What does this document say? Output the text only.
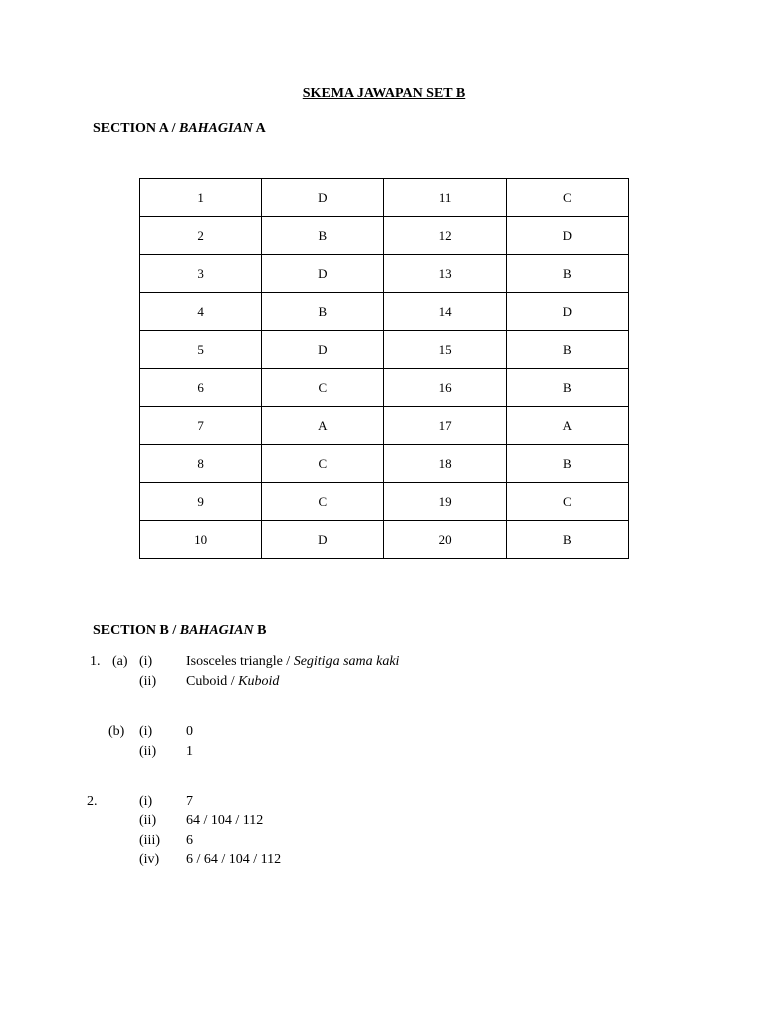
SKEMA JAWAPAN SET B
SECTION A / BAHAGIAN A
1	D	11	C
2	B	12	D
3	D	13	B
4	B	14	D
5	D	15	B
6	C	16	B
7	A	17	A
8	C	18	B
9	C	19	C
10	D	20	B
SECTION B / BAHAGIAN B
1. (a) (i) Isosceles triangle / Segitiga sama kaki
(ii) Cuboid / Kuboid
(b) (i) 0
(ii) 1
2.	(i) 7
(ii) 64 / 104 / 112
(iii) 6
(iv) 6 / 64 / 104 / 112
